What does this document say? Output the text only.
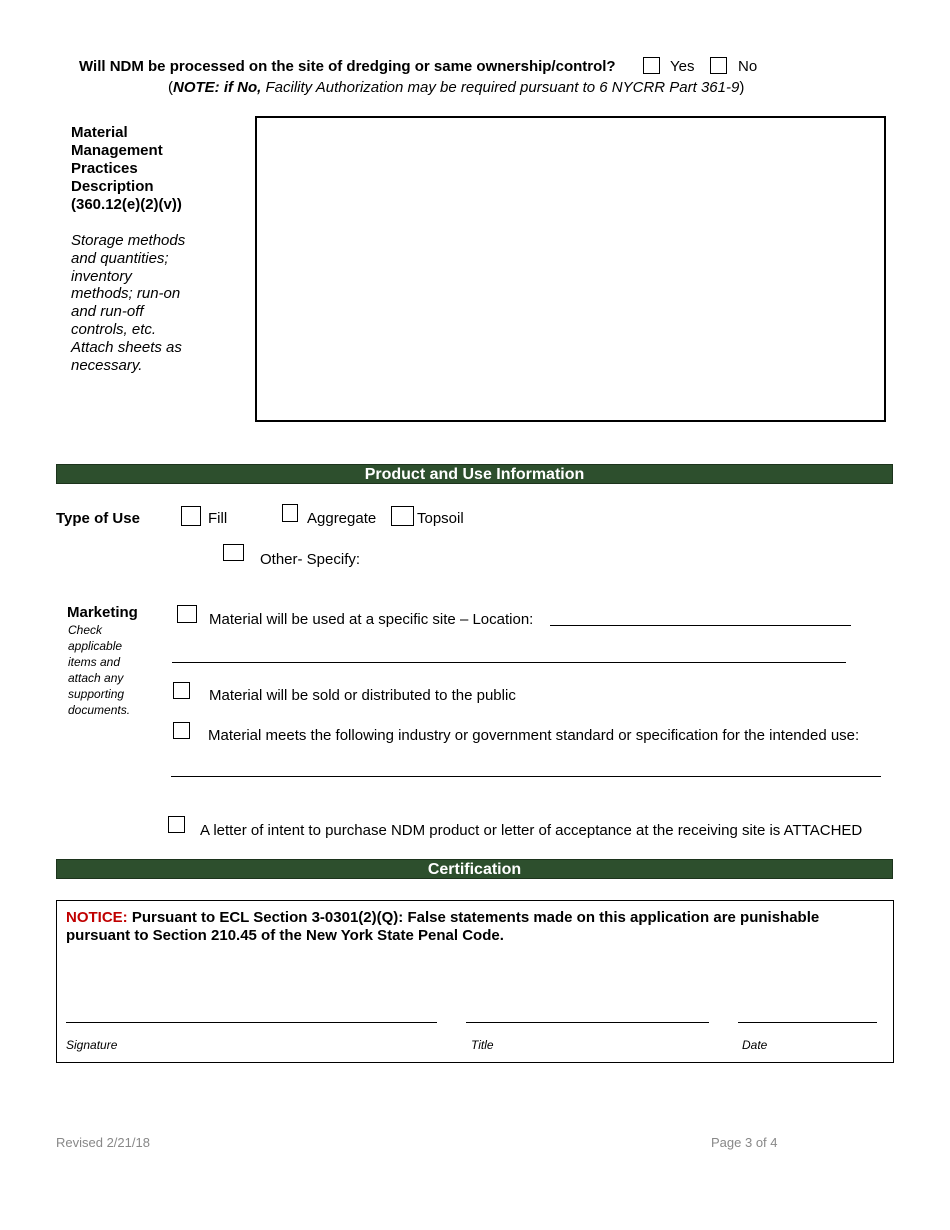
Will NDM be processed on the site of dredging or same ownership/control?	Yes	No
(NOTE: if No, Facility Authorization may be required pursuant to 6 NYCRR Part 361-9)
Material Management Practices Description (360.12(e)(2)(v))
Storage methods and quantities; inventory methods; run-on and run-off controls, etc. Attach sheets as necessary.
Product and Use Information
Type of Use	Fill	Aggregate	Topsoil
Other- Specify:
Marketing
Check applicable items and attach any supporting documents.
Material will be used at a specific site – Location:
Material will be sold or distributed to the public
Material meets the following industry or government standard or specification for the intended use:
A letter of intent to purchase NDM product or letter of acceptance at the receiving site is ATTACHED
Certification
NOTICE: Pursuant to ECL Section 3-0301(2)(Q): False statements made on this application are punishable pursuant to Section 210.45 of the New York State Penal Code.
Signature	Title	Date
Revised 2/21/18	Page 3 of 4
